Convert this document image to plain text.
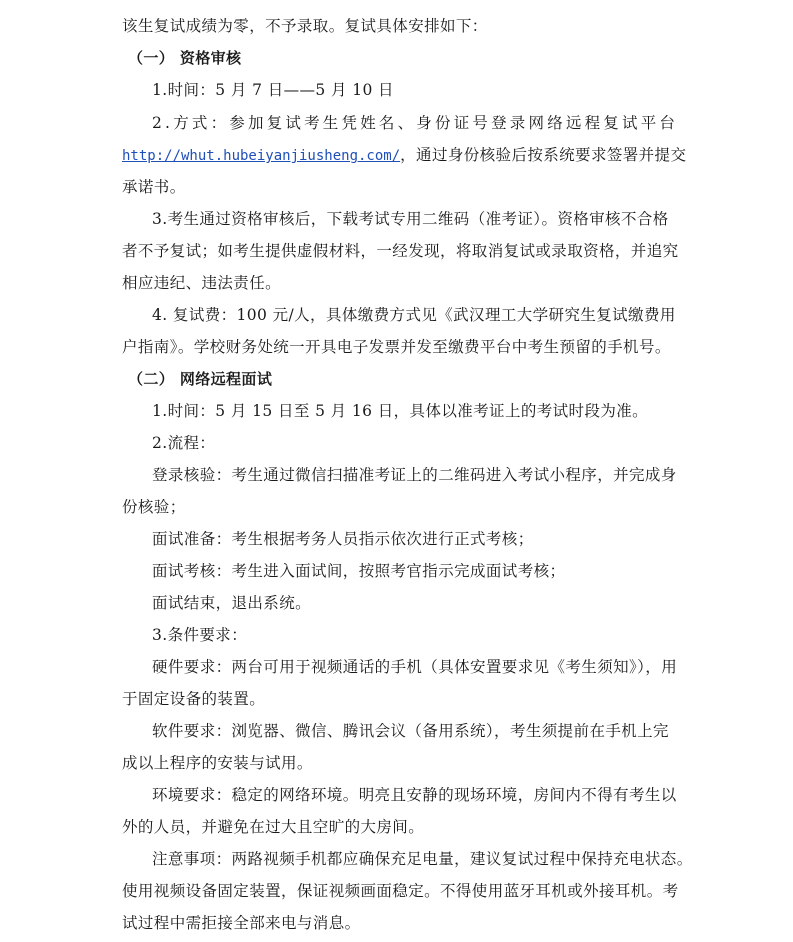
该生复试成绩为零，不予录取。复试具体安排如下：
（一） 资格审核
1.时间：5 月 7 日——5 月 10 日
2.方式：参加复试考生凭姓名、身份证号登录网络远程复试平台
http://whut.hubeiyanjiusheng.com/，通过身份核验后按系统要求签署并提交
承诺书。
3.考生通过资格审核后，下载考试专用二维码（准考证）。资格审核不合格
者不予复试；如考生提供虚假材料，一经发现，将取消复试或录取资格，并追究
相应违纪、违法责任。
4. 复试费：100 元/人，具体缴费方式见《武汉理工大学研究生复试缴费用
户指南》。学校财务处统一开具电子发票并发至缴费平台中考生预留的手机号。
（二） 网络远程面试
1.时间：5 月 15 日至 5 月 16 日，具体以准考证上的考试时段为准。
2.流程：
登录核验：考生通过微信扫描准考证上的二维码进入考试小程序，并完成身
份核验；
面试准备：考生根据考务人员指示依次进行正式考核；
面试考核：考生进入面试间，按照考官指示完成面试考核；
面试结束，退出系统。
3.条件要求：
硬件要求：两台可用于视频通话的手机（具体安置要求见《考生须知》），用
于固定设备的装置。
软件要求：浏览器、微信、腾讯会议（备用系统），考生须提前在手机上完
成以上程序的安装与试用。
环境要求：稳定的网络环境。明亮且安静的现场环境，房间内不得有考生以
外的人员，并避免在过大且空旷的大房间。
注意事项：两路视频手机都应确保充足电量，建议复试过程中保持充电状态。
使用视频设备固定装置，保证视频画面稳定。不得使用蓝牙耳机或外接耳机。考
试过程中需拒接全部来电与消息。
